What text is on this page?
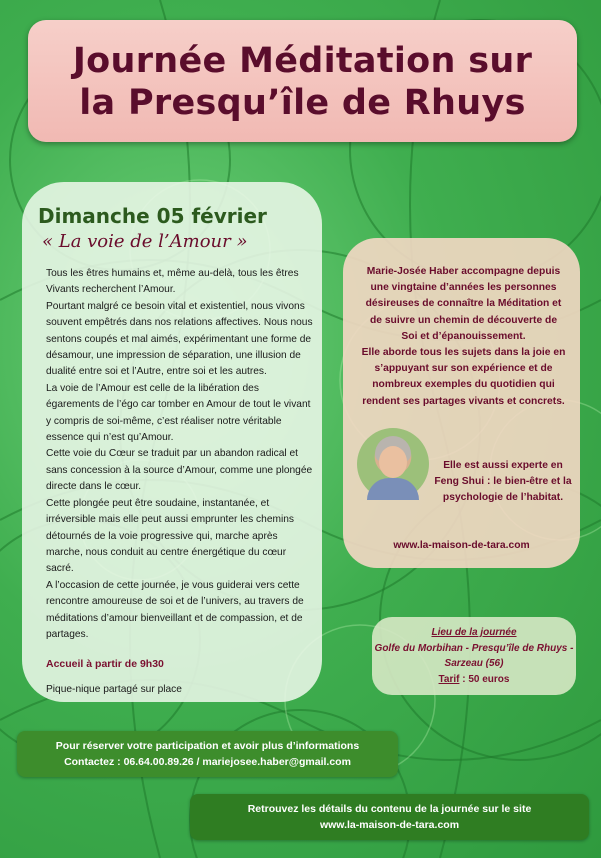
Journée Méditation sur
la Presqu’île de Rhuys
Dimanche 05 février
« La voie de l’Amour »

Tous les êtres humains et, même au-delà, tous les êtres Vivants recherchent l’Amour.

Pourtant malgré ce besoin vital et existentiel, nous vivons souvent empêtrés dans nos relations affectives. Nous nous sentons coupés et mal aimés, expérimentant une forme de désamour, une impression de séparation, une illusion de dualité entre soi et l’Autre, entre soi et les autres.

La voie de l’Amour est celle de la libération des égarements de l’égo car tomber en Amour de tout le vivant y compris de soi-même, c’est réaliser notre véritable essence qui n’est qu’Amour.

Cette voie du Cœur se traduit par un abandon radical et sans concession à la source d’Amour, comme une plongée directe dans le cœur.

Cette plongée peut être soudaine, instantanée, et irréversible mais elle peut aussi emprunter les chemins détournés de la voie progressive qui, marche après marche, nous conduit au centre énergétique du cœur sacré.

A l’occasion de cette journée, je vous guiderai vers cette rencontre amoureuse de soi et de l’univers, au travers de méditations d’amour bienveillant et de compassion, et de partages.

Accueil à partir de 9h30
Pique-nique partagé sur place
Marie-Josée Haber accompagne depuis une vingtaine d’années les personnes désireuses de connaître la Méditation et de suivre un chemin de découverte de Soi et d’épanouissement.
Elle aborde tous les sujets dans la joie en s’appuyant sur son expérience et de nombreux exemples du quotidien qui rendent ses partages vivants et concrets.
Elle est aussi experte en Feng Shui : le bien-être et la psychologie de l’habitat.
www.la-maison-de-tara.com
Lieu de la journée
Golfe du Morbihan - Presqu’île de Rhuys - Sarzeau (56)
Tarif : 50 euros
Pour réserver votre participation et avoir plus d’informations
Contactez : 06.64.00.89.26 / mariejosee.haber@gmail.com
Retrouvez les détails du contenu de la journée sur le site
www.la-maison-de-tara.com
